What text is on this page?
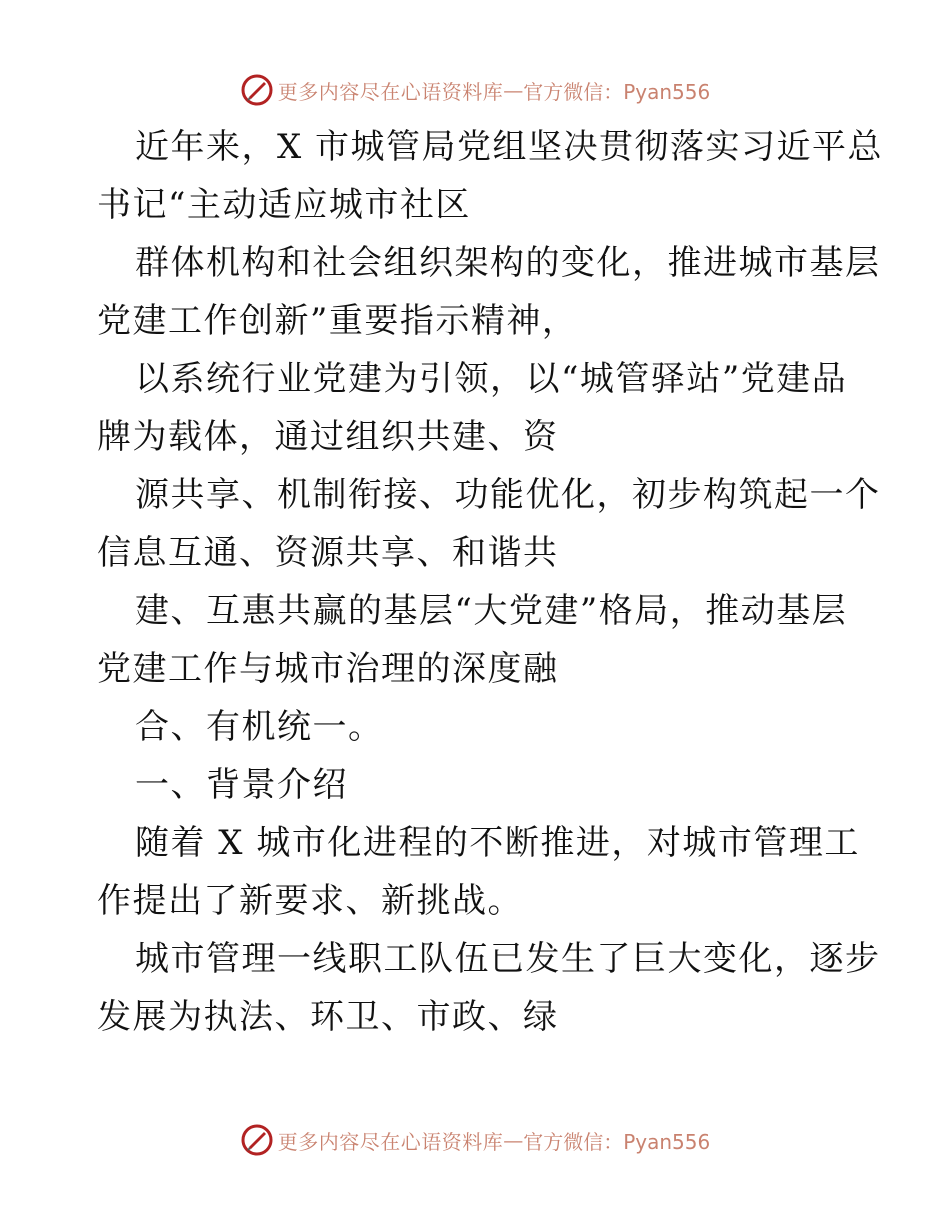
更多内容尽在心语资料库 — 官方微信：Pyan556
近年来，X 市城管局党组坚决贯彻落实习近平总
书记“主动适应城市社区
群体机构和社会组织架构的变化，推进城市基层
党建工作创新”重要指示精神，
以系统行业党建为引领，以“城管驿站”党建品
牌为载体，通过组织共建、资
源共享、机制衔接、功能优化，初步构筑起一个
信息互通、资源共享、和谐共
建、互惠共赢的基层“大党建”格局，推动基层
党建工作与城市治理的深度融
合、有机统一。
一、背景介绍
随着 X 城市化进程的不断推进，对城市管理工
作提出了新要求、新挑战。
城市管理一线职工队伍已发生了巨大变化，逐步
发展为执法、环卫、市政、绿
更多内容尽在心语资料库 — 官方微信：Pyan556
